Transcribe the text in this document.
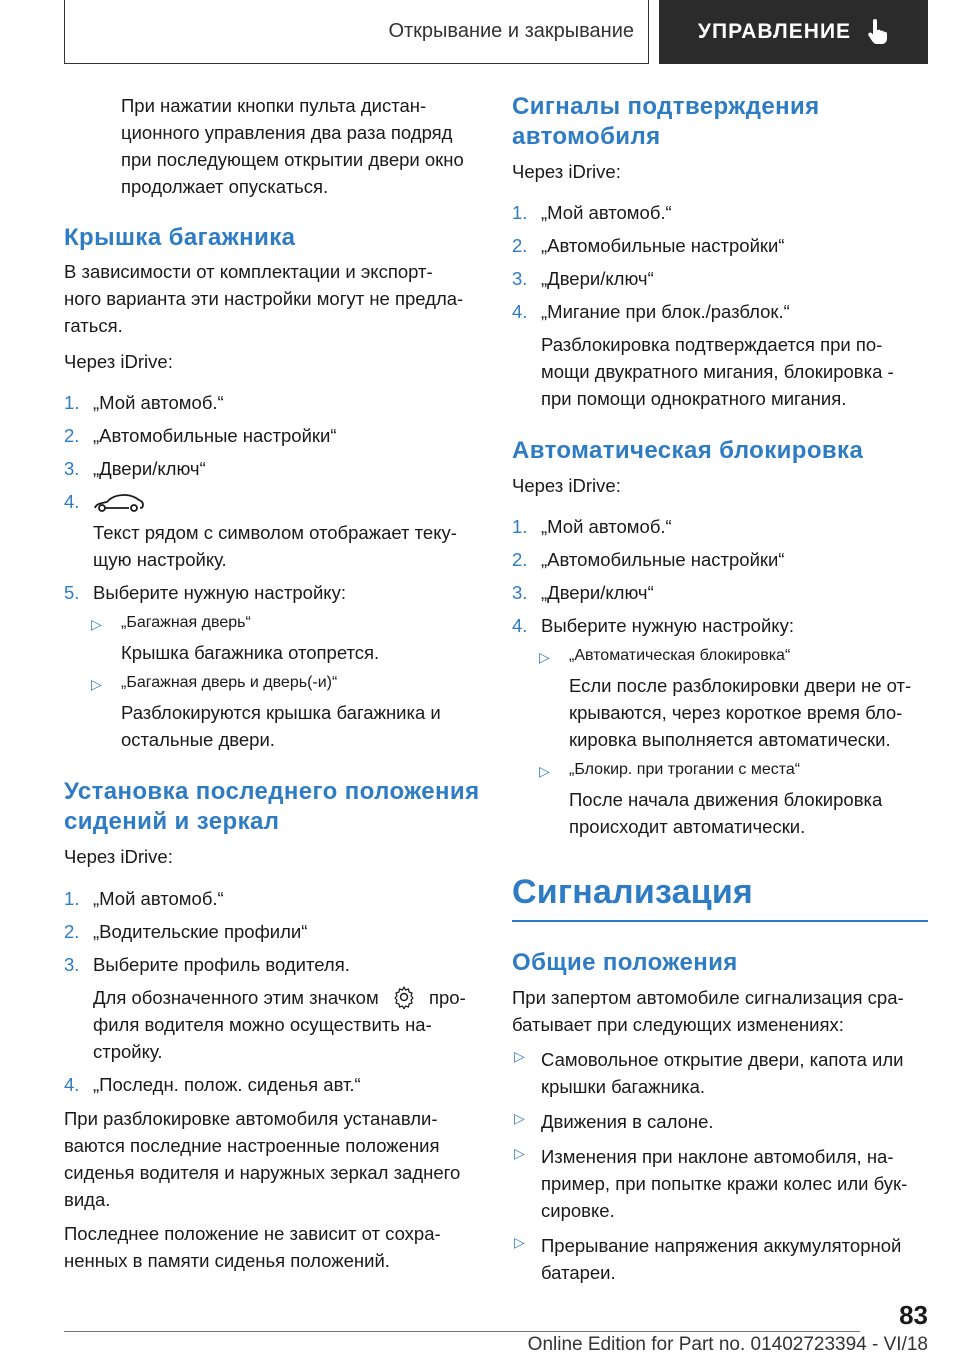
Открывание и закрывание	УПРАВЛЕНИЕ

При нажатии кнопки пульта дистан-

ционного управления два раза подряд

при последующем открытии двери окно

продолжает опускаться.

Крышка багажника

В зависимости от комплектации и экспорт-

ного варианта эти настройки могут не предла-

гаться.

Через iDrive:

1. „Мой автомоб.“
2. „Автомобильные настройки“
3. „Двери/ключ“
4.

Текст рядом с символом отображает теку-

щую настройку.

5. Выберите нужную настройку:
▷ „Багажная дверь“

Крышка багажника отопрется.

▷ „Багажная дверь и дверь(-и)“

Разблокируются крышка багажника и

остальные двери.

Установка последнего положения
сидений и зеркал

Через iDrive:

1. „Мой автомоб.“
2. „Водительские профили“
3. Выберите профиль водителя.

Для обозначенного этим значком	про-

филя водителя можно осуществить на-

стройку.

4. „Последн. полож. сиденья авт.“

При разблокировке автомобиля устанавли-

ваются последние настроенные положения

сиденья водителя и наружных зеркал заднего

вида.

Последнее положение не зависит от сохра-

ненных в памяти сиденья положений.

Сигналы подтверждения
автомобиля

Через iDrive:

1. „Мой автомоб.“
2. „Автомобильные настройки“
3. „Двери/ключ“
4. „Мигание при блок./разблок.“

Разблокировка подтверждается при по-

мощи двукратного мигания, блокировка -

при помощи однократного мигания.

Автоматическая блокировка

Через iDrive:

1. „Мой автомоб.“
2. „Автомобильные настройки“
3. „Двери/ключ“
4. Выберите нужную настройку:
▷ „Автоматическая блокировка“

Если после разблокировки двери не от-

крываются, через короткое время бло-

кировка выполняется автоматически.

▷ „Блокир. при трогании с места“

После начала движения блокировка

происходит автоматически.

Сигнализация
Общие положения

При запертом автомобиле сигнализация сра-

батывает при следующих изменениях:

▷ Самовольное открытие двери, капота или

крышки багажника.

▷ Движения в салоне.

▷ Изменения при наклоне автомобиля, на-

пример, при попытке кражи колес или бук-

сировке.

▷ Прерывание напряжения аккумуляторной

батареи.

83
Online Edition for Part no. 01402723394 - VI/18
